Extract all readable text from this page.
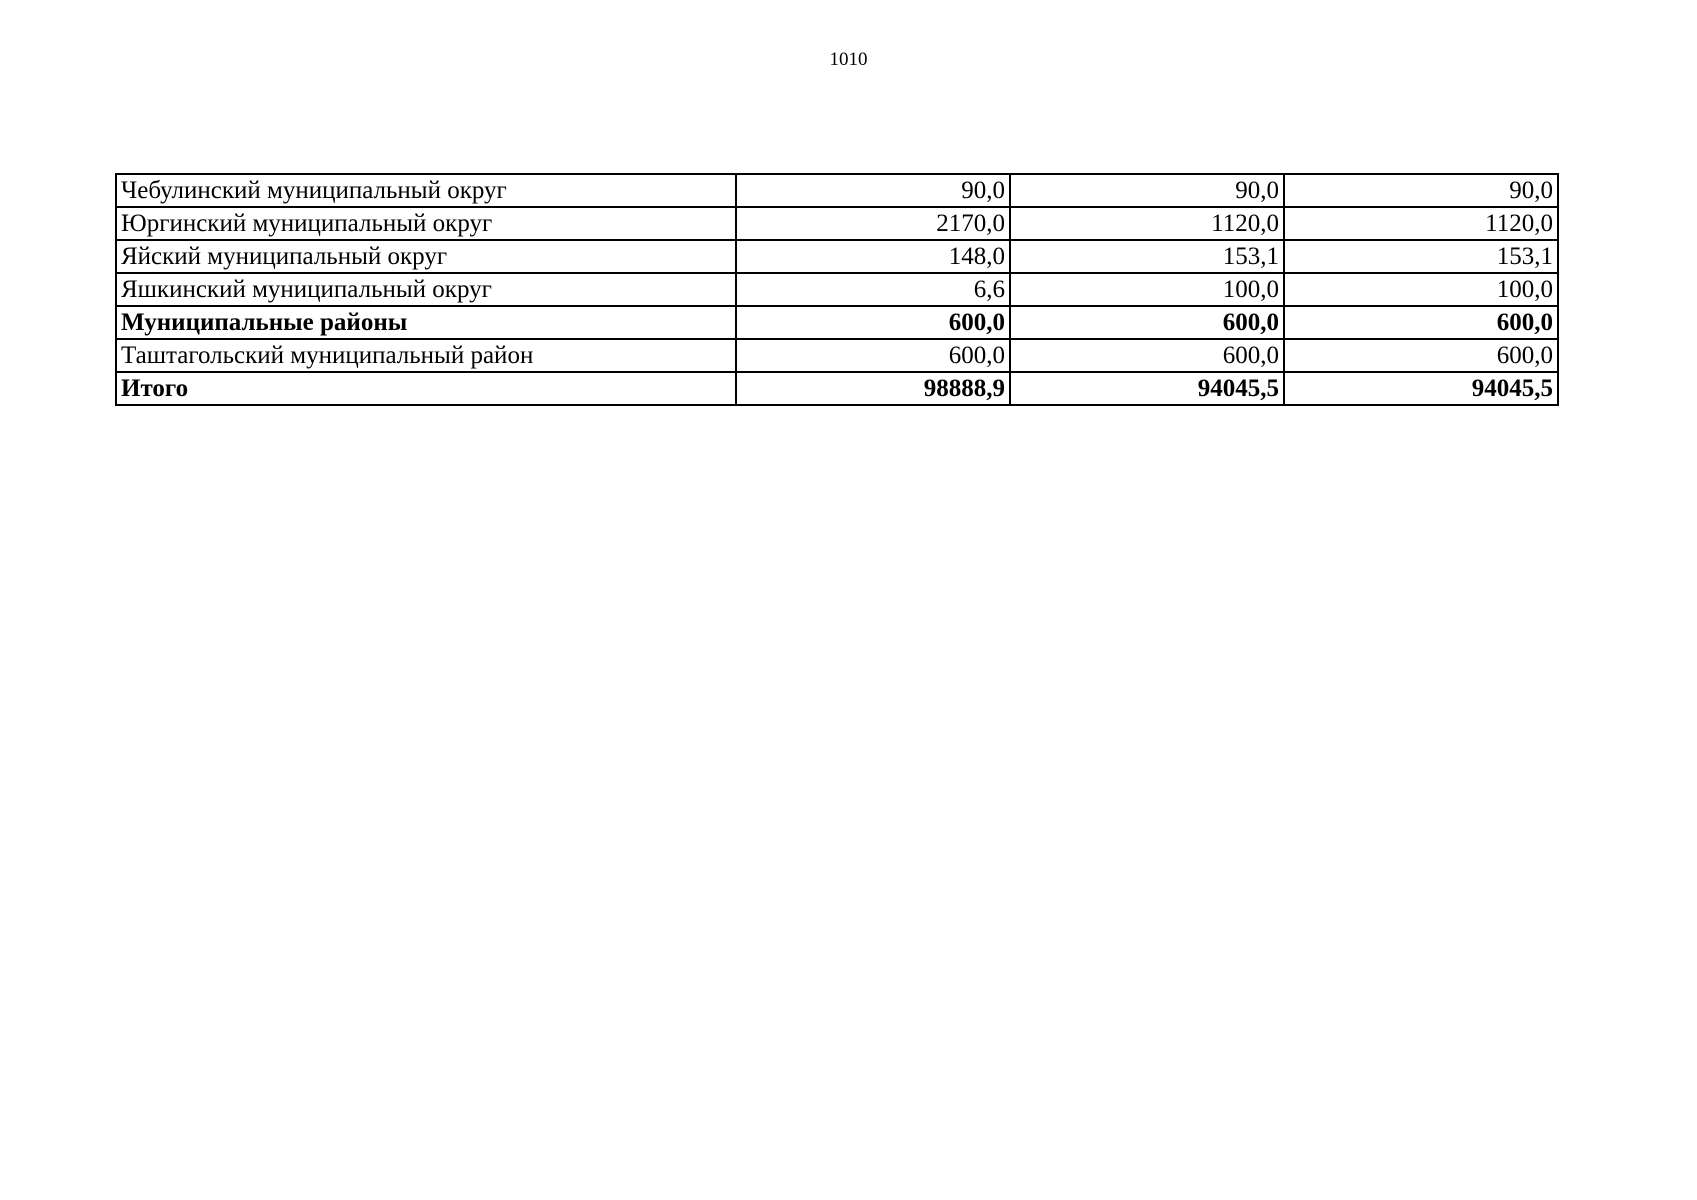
1010
Чебулинский муниципальный округ	90,0	90,0	90,0
Юргинский муниципальный округ	2170,0	1120,0	1120,0
Яйский муниципальный округ	148,0	153,1	153,1
Яшкинский муниципальный округ	6,6	100,0	100,0
Муниципальные районы	600,0	600,0	600,0
Таштагольский муниципальный район	600,0	600,0	600,0
Итого	98888,9	94045,5	94045,5
